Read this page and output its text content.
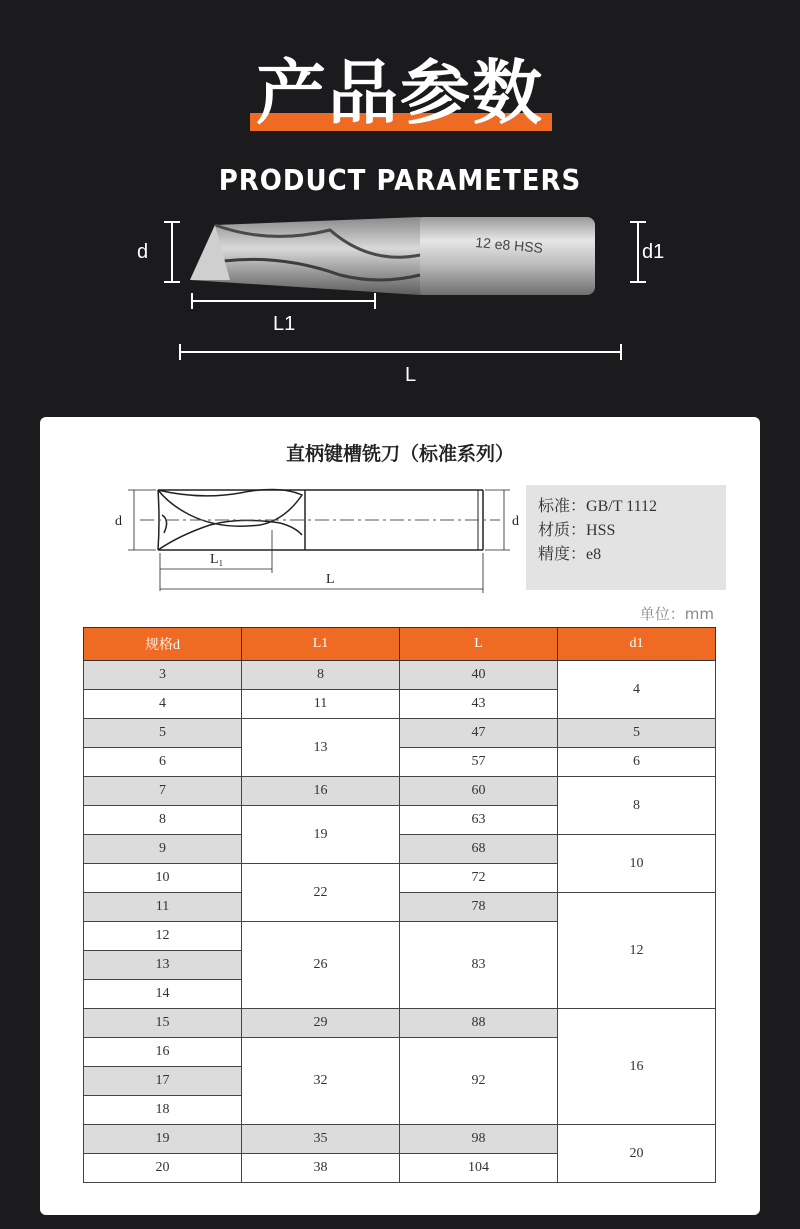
产品参数
PRODUCT PARAMETERS
12 e8 HSS
d	d1
L1
L
直柄键槽铣刀（标准系列）
d	d
L₁
L
标准：GB/T 1112
材质：HSS
精度：e8
单位：mm
规格d	L1	L	d1
3	8	40	4
4	11	43	
5	13	47	5
6		57	6
7	16	60	8
8	19	63	
9		68	10
10	22	72	
11		78	12
12	26	83	
13			
14			
15	29	88	16
16	32	92	
17			
18			
19	35	98	20
20	38	104	
